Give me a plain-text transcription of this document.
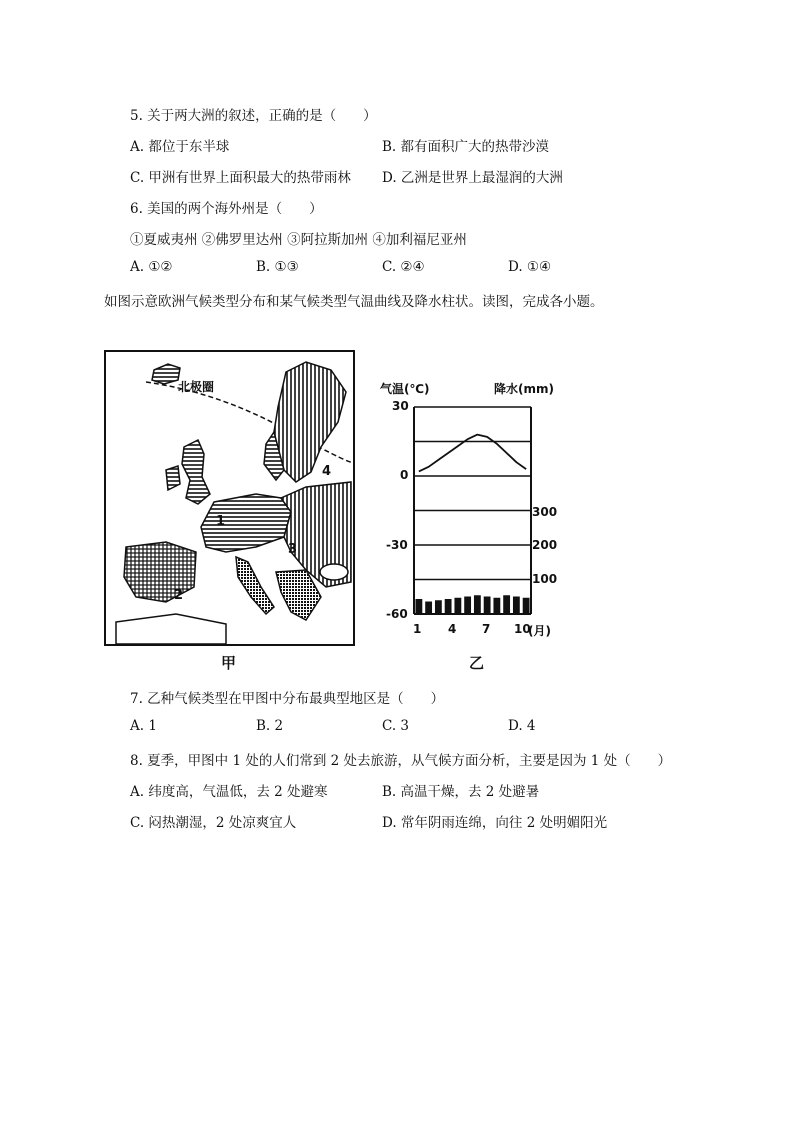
5. 关于两大洲的叙述，正确的是（　　）
A. 都位于东半球	B. 都有面积广大的热带沙漠
C. 甲洲有世界上面积最大的热带雨林 D. 乙洲是世界上最湿润的大洲
6. 美国的两个海外州是（　　）
①夏威夷州 ②佛罗里达州 ③阿拉斯加州 ④加利福尼亚州
A. ①②	B. ①③	C. ②④	D. ①④
如图示意欧洲气候类型分布和某气候类型气温曲线及降水柱状。读图，完成各小题。
北极圈
1
2
3
4
甲
气温(℃)	降水(mm)
30
0
-30
-60
300
200
100
1 4 7 10
(月)
乙
7. 乙种气候类型在甲图中分布最典型地区是（　　）
A. 1	B. 2	C. 3	D. 4
8. 夏季，甲图中 1 处的人们常到 2 处去旅游，从气候方面分析，主要是因为 1 处（　　）
A. 纬度高，气温低，去 2 处避寒	B. 高温干燥，去 2 处避暑
C. 闷热潮湿，2 处凉爽宜人	D. 常年阴雨连绵，向往 2 处明媚阳光
